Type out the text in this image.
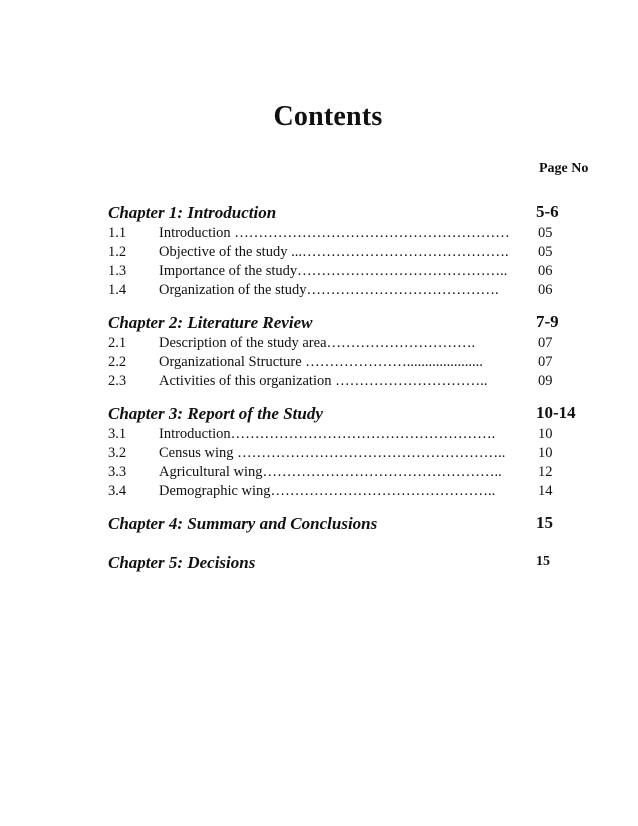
Contents
Page No
Chapter 1: Introduction	5-6
1.1 Introduction …………………………………………………	05
1.2 Objective of the study ...…………………………………….	05
1.3 Importance of the study……………………………………..	06
1.4 Organization of the study………………………………….	06
Chapter 2: Literature Review	7-9
2.1 Description of the study area………………………….	07
2.2 Organizational Structure ………………….....................	07
2.3 Activities of this organization …………………………..	09
Chapter 3: Report of the Study	10-14
3.1 Introduction……………………………………………….	10
3.2 Census wing ………………………………………………..	10
3.3 Agricultural wing…………………………………………..	12
3.4 Demographic wing………………………………………..	14
Chapter 4: Summary and Conclusions	15
Chapter 5: Decisions	15
